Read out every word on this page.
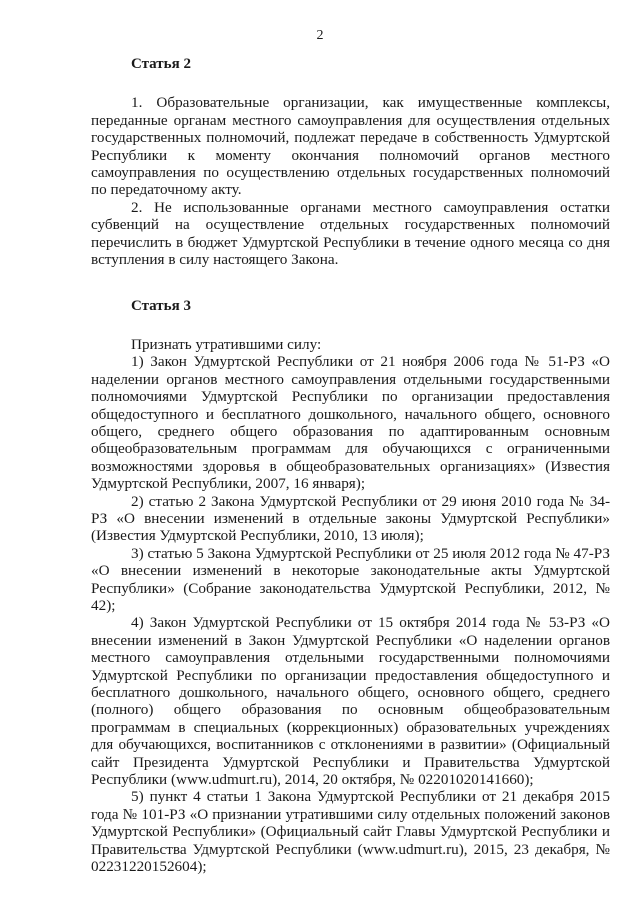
2
Статья 2

1. Образовательные организации, как имущественные комплексы, переданные органам местного самоуправления для осуществления отдельных государственных полномочий, подлежат передаче в собственность Удмуртской Республики к моменту окончания полномочий органов местного самоуправления по осуществлению отдельных государственных полномочий по передаточному акту.

2. Не использованные органами местного самоуправления остатки субвенций на осуществление отдельных государственных полномочий перечислить в бюджет Удмуртской Республики в течение одного месяца со дня вступления в силу настоящего Закона.

Статья 3

Признать утратившими силу:

1) Закон Удмуртской Республики от 21 ноября 2006 года № 51-РЗ «О наделении органов местного самоуправления отдельными государственными полномочиями Удмуртской Республики по организации предоставления общедоступного и бесплатного дошкольного, начального общего, основного общего, среднего общего образования по адаптированным основным общеобразовательным программам для обучающихся с ограниченными возможностями здоровья в общеобразовательных организациях» (Известия Удмуртской Республики, 2007, 16 января);

2) статью 2 Закона Удмуртской Республики от 29 июня 2010 года № 34-РЗ «О внесении изменений в отдельные законы Удмуртской Республики» (Известия Удмуртской Республики, 2010, 13 июля);

3) статью 5 Закона Удмуртской Республики от 25 июля 2012 года № 47-РЗ «О внесении изменений в некоторые законодательные акты Удмуртской Республики» (Собрание законодательства Удмуртской Республики, 2012, № 42);

4) Закон Удмуртской Республики от 15 октября 2014 года № 53-РЗ «О внесении изменений в Закон Удмуртской Республики «О наделении органов местного самоуправления отдельными государственными полномочиями Удмуртской Республики по организации предоставления общедоступного и бесплатного дошкольного, начального общего, основного общего, среднего (полного) общего образования по основным общеобразовательным программам в специальных (коррекционных) образовательных учреждениях для обучающихся, воспитанников с отклонениями в развитии» (Официальный сайт Президента Удмуртской Республики и Правительства Удмуртской Республики (www.udmurt.ru), 2014, 20 октября, № 02201020141660);

5) пункт 4 статьи 1 Закона Удмуртской Республики от 21 декабря 2015 года № 101-РЗ «О признании утратившими силу отдельных положений законов Удмуртской Республики» (Официальный сайт Главы Удмуртской Республики и Правительства Удмуртской Республики (www.udmurt.ru), 2015, 23 декабря, № 02231220152604);
